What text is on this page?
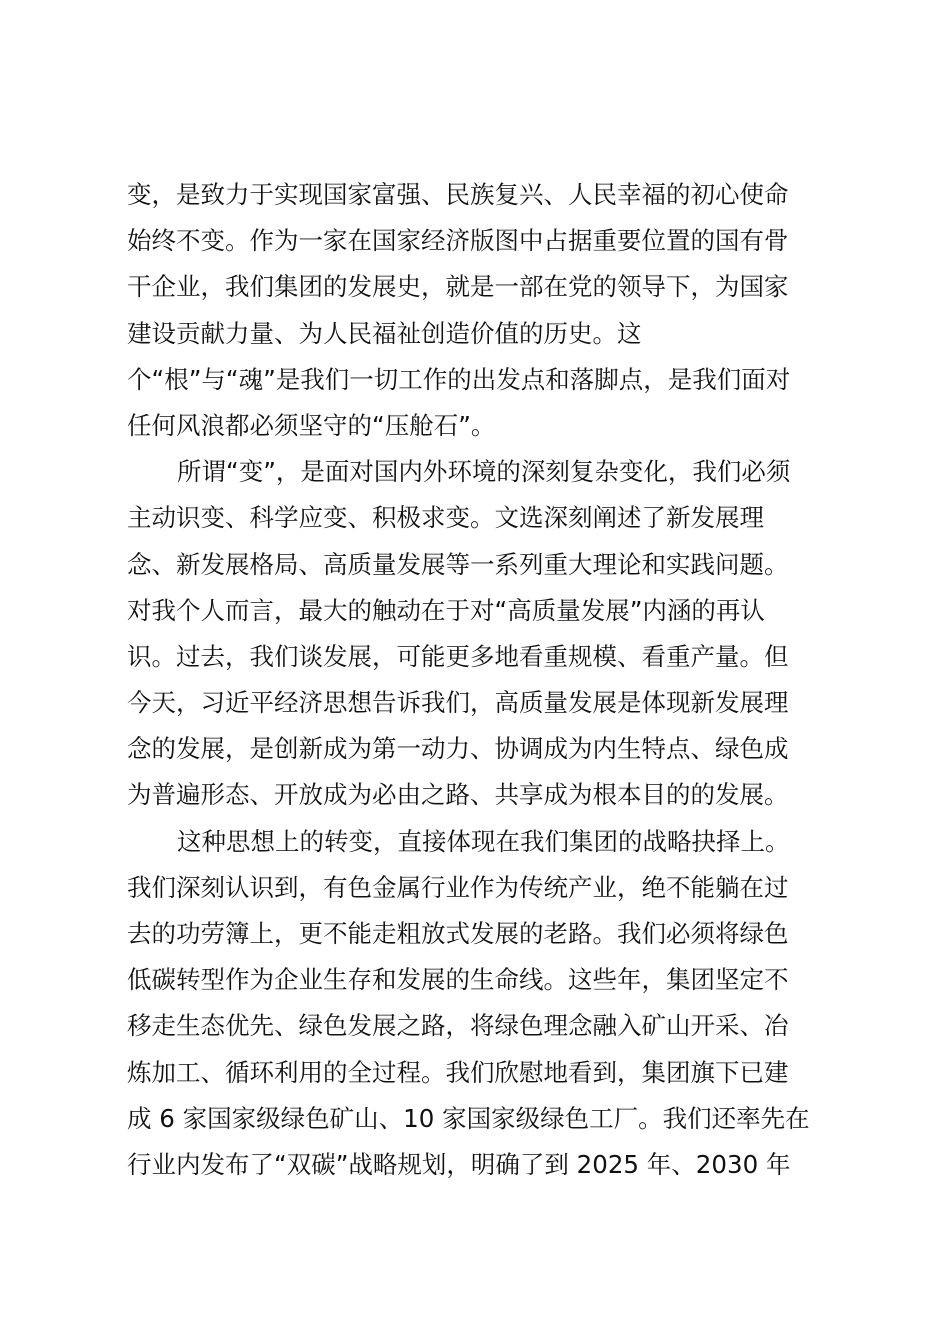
变，是致力于实现国家富强、民族复兴、人民幸福的初心使命
始终不变。作为一家在国家经济版图中占据重要位置的国有骨
干企业，我们集团的发展史，就是一部在党的领导下，为国家
建设贡献力量、为人民福祉创造价值的历史。这
个“根”与“魂”是我们一切工作的出发点和落脚点，是我们面对
任何风浪都必须坚守的“压舱石”。
所谓“变”，是面对国内外环境的深刻复杂变化，我们必须
主动识变、科学应变、积极求变。文选深刻阐述了新发展理
念、新发展格局、高质量发展等一系列重大理论和实践问题。
对我个人而言，最大的触动在于对“高质量发展”内涵的再认
识。过去，我们谈发展，可能更多地看重规模、看重产量。但
今天，习近平经济思想告诉我们，高质量发展是体现新发展理
念的发展，是创新成为第一动力、协调成为内生特点、绿色成
为普遍形态、开放成为必由之路、共享成为根本目的的发展。
这种思想上的转变，直接体现在我们集团的战略抉择上。
我们深刻认识到，有色金属行业作为传统产业，绝不能躺在过
去的功劳簿上，更不能走粗放式发展的老路。我们必须将绿色
低碳转型作为企业生存和发展的生命线。这些年，集团坚定不
移走生态优先、绿色发展之路，将绿色理念融入矿山开采、冶
炼加工、循环利用的全过程。我们欣慰地看到，集团旗下已建
成 6 家国家级绿色矿山、10 家国家级绿色工厂。我们还率先在
行业内发布了“双碳”战略规划，明确了到 2025 年、2030 年
